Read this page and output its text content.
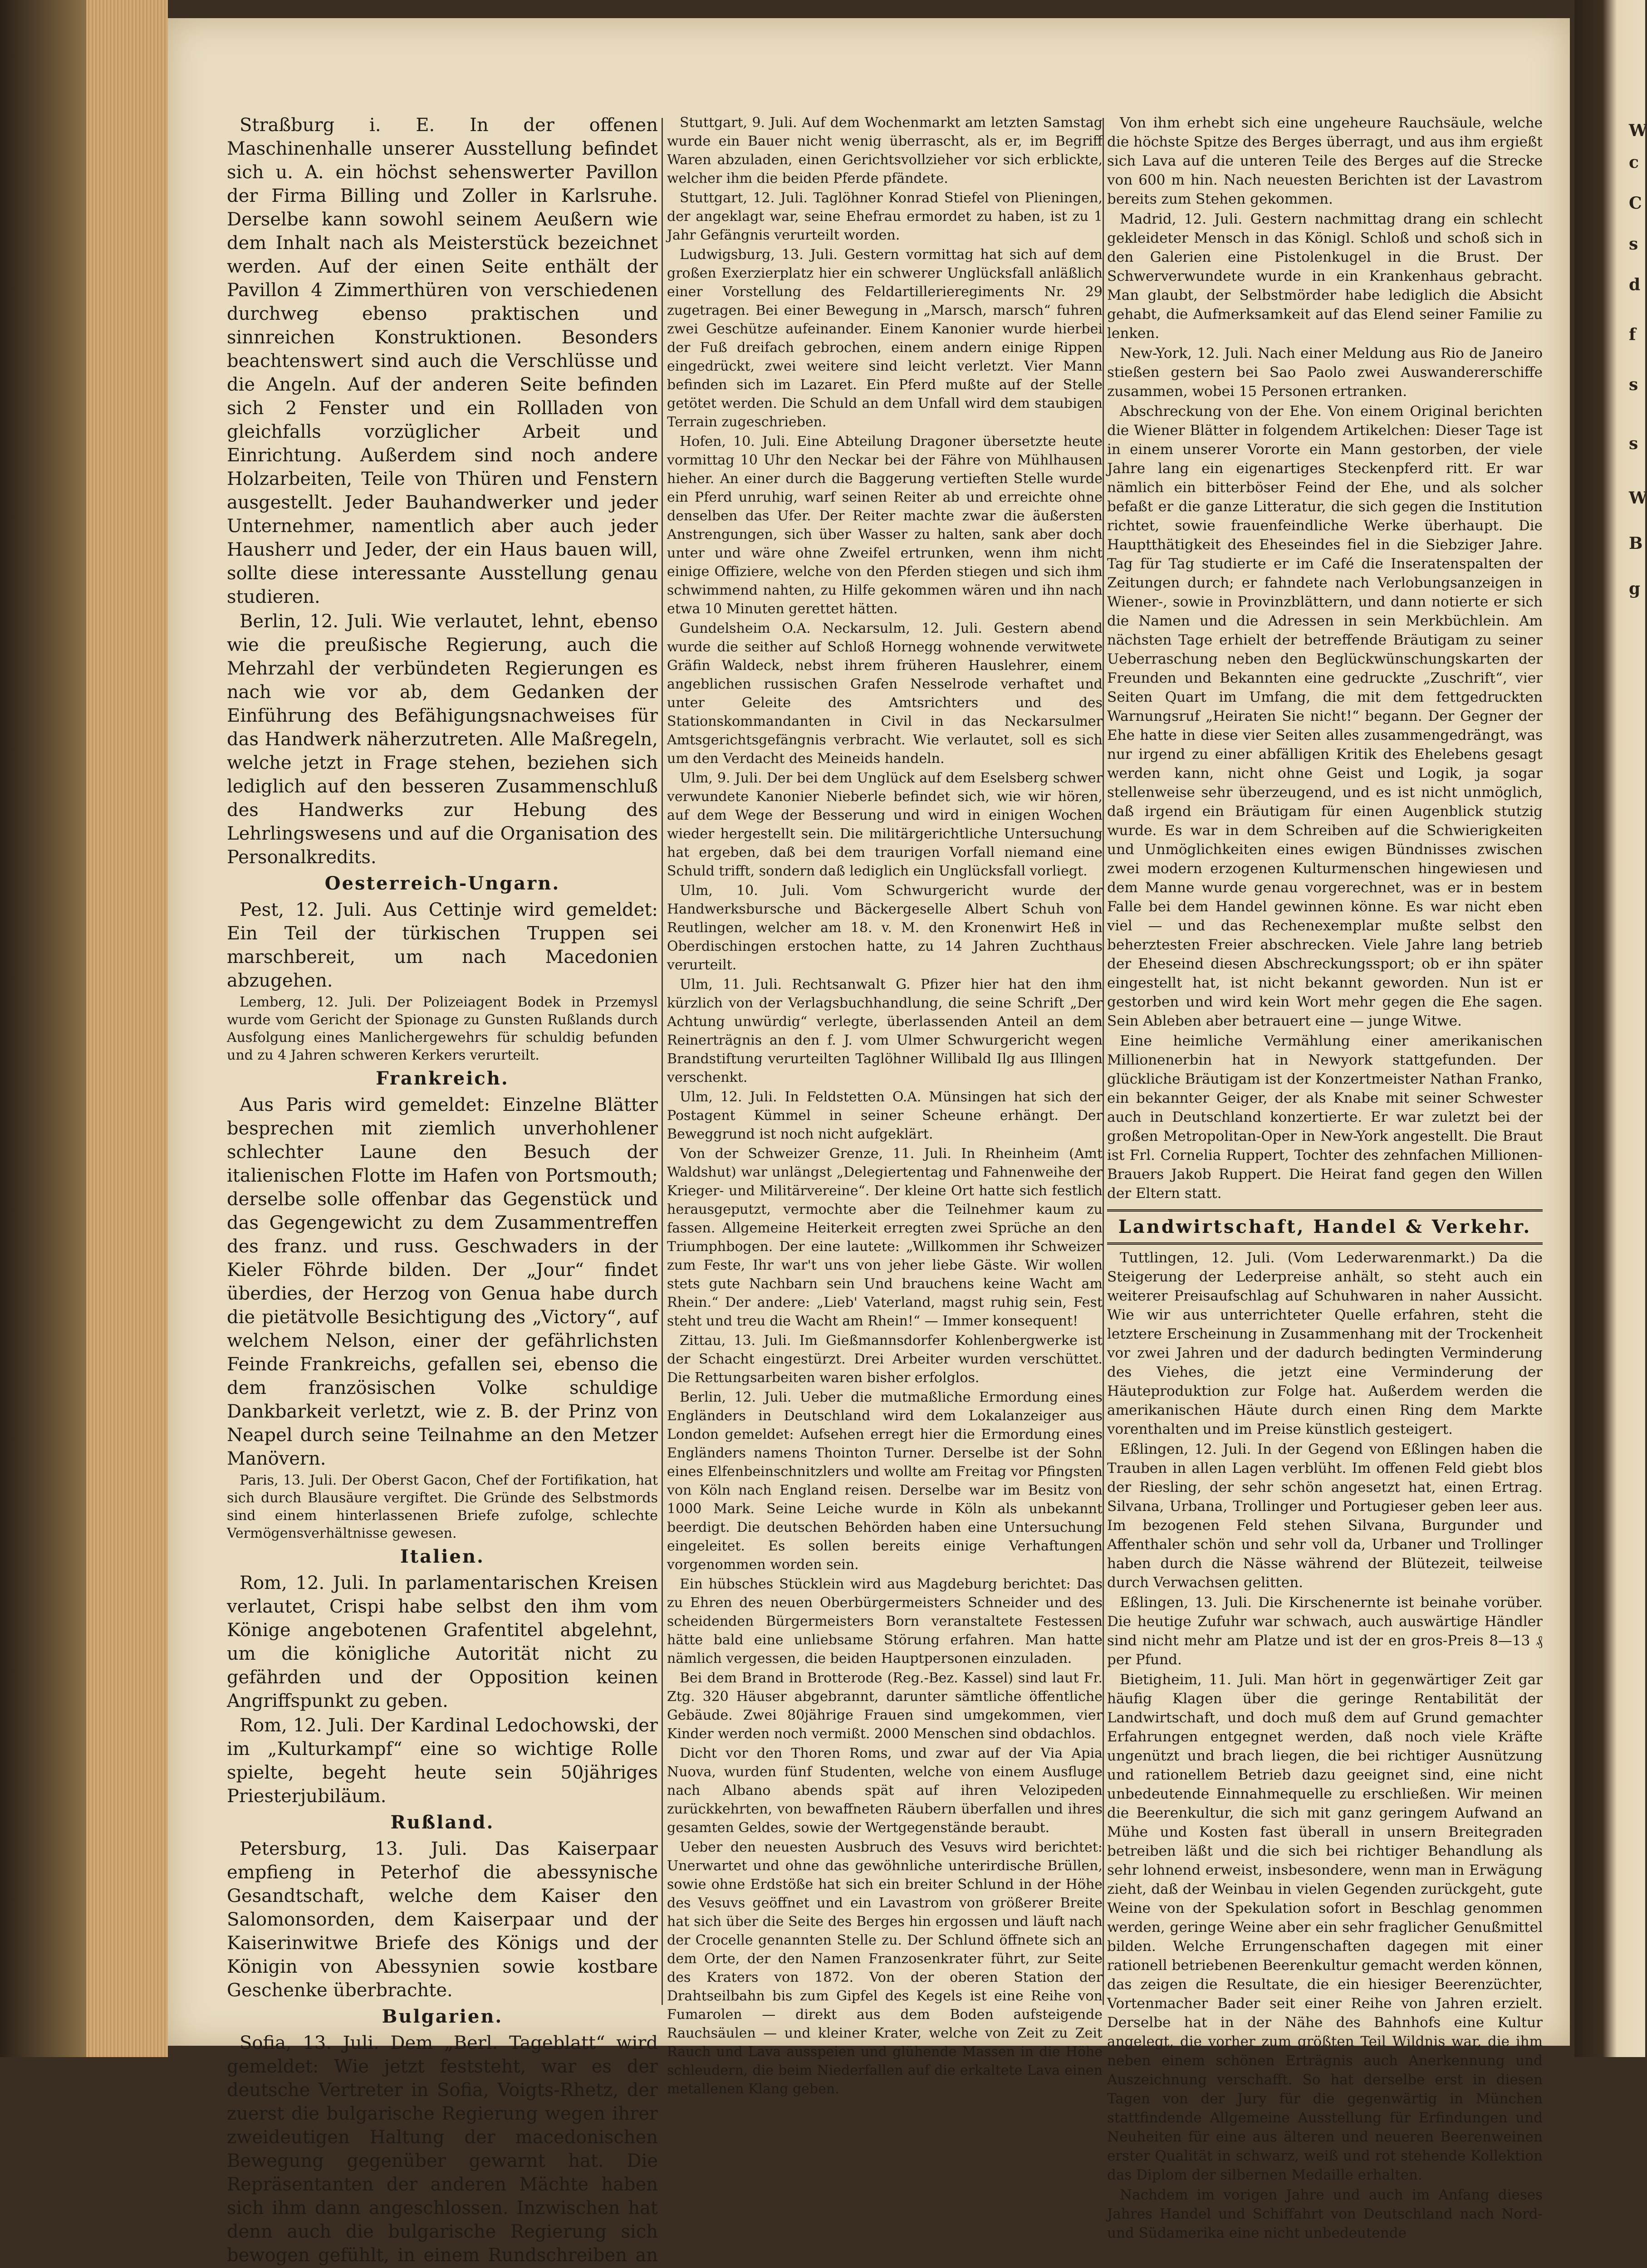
Straßburg i. E. In der offenen Maschinenhalle unserer Ausstellung befindet sich u. A. ein höchst sehenswerter Pavillon der Firma Billing und Zoller in Karlsruhe. Derselbe kann sowohl seinem Aeußern wie dem Inhalt nach als Meisterstück bezeichnet werden. Auf der einen Seite enthält der Pavillon 4 Zimmerthüren von verschiedenen durchweg ebenso praktischen und sinnreichen Konstruktionen. Besonders beachtenswert sind auch die Verschlüsse und die Angeln. Auf der anderen Seite befinden sich 2 Fenster und ein Rollladen von gleichfalls vorzüglicher Arbeit und Einrichtung. Außerdem sind noch andere Holzarbeiten, Teile von Thüren und Fenstern ausgestellt. Jeder Bauhandwerker und jeder Unternehmer, namentlich aber auch jeder Hausherr und Jeder, der ein Haus bauen will, sollte diese interessante Ausstellung genau studieren.

Berlin, 12. Juli. Wie verlautet, lehnt, ebenso wie die preußische Regierung, auch die Mehrzahl der verbündeten Regierungen es nach wie vor ab, dem Gedanken der Einführung des Befähigungsnachweises für das Handwerk näherzutreten. Alle Maßregeln, welche jetzt in Frage stehen, beziehen sich lediglich auf den besseren Zusammenschluß des Handwerks zur Hebung des Lehrlingswesens und auf die Organisation des Personalkredits.

Oesterreich-Ungarn.

Pest, 12. Juli. Aus Cettinje wird gemeldet: Ein Teil der türkischen Truppen sei marschbereit, um nach Macedonien abzugehen.

Lemberg, 12. Juli. Der Polizeiagent Bodek in Przemysl wurde vom Gericht der Spionage zu Gunsten Rußlands durch Ausfolgung eines Manlichergewehrs für schuldig befunden und zu 4 Jahren schweren Kerkers verurteilt.

Frankreich.

Aus Paris wird gemeldet: Einzelne Blätter besprechen mit ziemlich unverhohlener schlechter Laune den Besuch der italienischen Flotte im Hafen von Portsmouth; derselbe solle offenbar das Gegenstück und das Gegengewicht zu dem Zusammentreffen des franz. und russ. Geschwaders in der Kieler Föhrde bilden. Der „Jour“ findet überdies, der Herzog von Genua habe durch die pietätvolle Besichtigung des „Victory“, auf welchem Nelson, einer der gefährlichsten Feinde Frankreichs, gefallen sei, ebenso die dem französischen Volke schuldige Dankbarkeit verletzt, wie z. B. der Prinz von Neapel durch seine Teilnahme an den Metzer Manövern.

Paris, 13. Juli. Der Oberst Gacon, Chef der Fortifikation, hat sich durch Blausäure vergiftet. Die Gründe des Selbstmords sind einem hinterlassenen Briefe zufolge, schlechte Vermögensverhältnisse gewesen.

Italien.

Rom, 12. Juli. In parlamentarischen Kreisen verlautet, Crispi habe selbst den ihm vom Könige angebotenen Grafentitel abgelehnt, um die königliche Autorität nicht zu gefährden und der Opposition keinen Angriffspunkt zu geben.

Rom, 12. Juli. Der Kardinal Ledochowski, der im „Kulturkampf“ eine so wichtige Rolle spielte, begeht heute sein 50jähriges Priesterjubiläum.

Rußland.

Petersburg, 13. Juli. Das Kaiserpaar empfieng in Peterhof die abessynische Gesandtschaft, welche dem Kaiser den Salomonsorden, dem Kaiserpaar und der Kaiserinwitwe Briefe des Königs und der Königin von Abessynien sowie kostbare Geschenke überbrachte.

Bulgarien.

Sofia, 13. Juli. Dem „Berl. Tageblatt“ wird gemeldet: Wie jetzt feststeht, war es der deutsche Vertreter in Sofia, Voigts-Rhetz, der zuerst die bulgarische Regierung wegen ihrer zweideutigen Haltung der macedonischen Bewegung gegenüber gewarnt hat. Die Repräsentanten der anderen Mächte haben sich ihm dann angeschlossen. Inzwischen hat denn auch die bulgarische Regierung sich bewogen gefühlt, in einem Rundschreiben an

Stuttgart, 9. Juli. Auf dem Wochenmarkt am letzten Samstag wurde ein Bauer nicht wenig überrascht, als er, im Begriff Waren abzuladen, einen Gerichtsvollzieher vor sich erblickte, welcher ihm die beiden Pferde pfändete.

Stuttgart, 12. Juli. Taglöhner Konrad Stiefel von Plieningen, der angeklagt war, seine Ehefrau ermordet zu haben, ist zu 1 Jahr Gefängnis verurteilt worden.

Ludwigsburg, 13. Juli. Gestern vormittag hat sich auf dem großen Exerzierplatz hier ein schwerer Unglücksfall anläßlich einer Vorstellung des Feldartillerieregiments Nr. 29 zugetragen. Bei einer Bewegung in „Marsch, marsch“ fuhren zwei Geschütze aufeinander. Einem Kanonier wurde hierbei der Fuß dreifach gebrochen, einem andern einige Rippen eingedrückt, zwei weitere sind leicht verletzt. Vier Mann befinden sich im Lazaret. Ein Pferd mußte auf der Stelle getötet werden. Die Schuld an dem Unfall wird dem staubigen Terrain zugeschrieben.

Hofen, 10. Juli. Eine Abteilung Dragoner übersetzte heute vormittag 10 Uhr den Neckar bei der Fähre von Mühlhausen hieher. An einer durch die Baggerung vertieften Stelle wurde ein Pferd unruhig, warf seinen Reiter ab und erreichte ohne denselben das Ufer. Der Reiter machte zwar die äußersten Anstrengungen, sich über Wasser zu halten, sank aber doch unter und wäre ohne Zweifel ertrunken, wenn ihm nicht einige Offiziere, welche von den Pferden stiegen und sich ihm schwimmend nahten, zu Hilfe gekommen wären und ihn nach etwa 10 Minuten gerettet hätten.

Gundelsheim O.A. Neckarsulm, 12. Juli. Gestern abend wurde die seither auf Schloß Hornegg wohnende verwitwete Gräfin Waldeck, nebst ihrem früheren Hauslehrer, einem angeblichen russischen Grafen Nesselrode verhaftet und unter Geleite des Amtsrichters und des Stationskommandanten in Civil in das Neckarsulmer Amtsgerichtsgefängnis verbracht. Wie verlautet, soll es sich um den Verdacht des Meineids handeln.

Ulm, 9. Juli. Der bei dem Unglück auf dem Eselsberg schwer verwundete Kanonier Nieberle befindet sich, wie wir hören, auf dem Wege der Besserung und wird in einigen Wochen wieder hergestellt sein. Die militärgerichtliche Untersuchung hat ergeben, daß bei dem traurigen Vorfall niemand eine Schuld trifft, sondern daß lediglich ein Unglücksfall vorliegt.

Ulm, 10. Juli. Vom Schwurgericht wurde der Handwerksbursche und Bäckergeselle Albert Schuh von Reutlingen, welcher am 18. v. M. den Kronenwirt Heß in Oberdischingen erstochen hatte, zu 14 Jahren Zuchthaus verurteilt.

Ulm, 11. Juli. Rechtsanwalt G. Pfizer hier hat den ihm kürzlich von der Verlagsbuchhandlung, die seine Schrift „Der Achtung unwürdig“ verlegte, überlassenden Anteil an dem Reinerträgnis an den f. J. vom Ulmer Schwurgericht wegen Brandstiftung verurteilten Taglöhner Willibald Ilg aus Illingen verschenkt.

Ulm, 12. Juli. In Feldstetten O.A. Münsingen hat sich der Postagent Kümmel in seiner Scheune erhängt. Der Beweggrund ist noch nicht aufgeklärt.

Von der Schweizer Grenze, 11. Juli. In Rheinheim (Amt Waldshut) war unlängst „Delegiertentag und Fahnenweihe der Krieger- und Militärvereine“. Der kleine Ort hatte sich festlich herausgeputzt, vermochte aber die Teilnehmer kaum zu fassen. Allgemeine Heiterkeit erregten zwei Sprüche an den Triumphbogen. Der eine lautete: „Willkommen ihr Schweizer zum Feste, Ihr war't uns von jeher liebe Gäste. Wir wollen stets gute Nachbarn sein Und brauchens keine Wacht am Rhein.“ Der andere: „Lieb' Vaterland, magst ruhig sein, Fest steht und treu die Wacht am Rhein!“ — Immer konsequent!

Zittau, 13. Juli. Im Gießmannsdorfer Kohlenbergwerke ist der Schacht eingestürzt. Drei Arbeiter wurden verschüttet. Die Rettungsarbeiten waren bisher erfolglos.

Berlin, 12. Juli. Ueber die mutmaßliche Ermordung eines Engländers in Deutschland wird dem Lokalanzeiger aus London gemeldet: Aufsehen erregt hier die Ermordung eines Engländers namens Thointon Turner. Derselbe ist der Sohn eines Elfenbeinschnitzlers und wollte am Freitag vor Pfingsten von Köln nach England reisen. Derselbe war im Besitz von 1000 Mark. Seine Leiche wurde in Köln als unbekannt beerdigt. Die deutschen Behörden haben eine Untersuchung eingeleitet. Es sollen bereits einige Verhaftungen vorgenommen worden sein.

Ein hübsches Stücklein wird aus Magdeburg berichtet: Das zu Ehren des neuen Oberbürgermeisters Schneider und des scheidenden Bürgermeisters Born veranstaltete Festessen hätte bald eine unliebsame Störung erfahren. Man hatte nämlich vergessen, die beiden Hauptpersonen einzuladen.

Bei dem Brand in Brotterode (Reg.-Bez. Kassel) sind laut Fr. Ztg. 320 Häuser abgebrannt, darunter sämtliche öffentliche Gebäude. Zwei 80jährige Frauen sind umgekommen, vier Kinder werden noch vermißt. 2000 Menschen sind obdachlos.

Dicht vor den Thoren Roms, und zwar auf der Via Apia Nuova, wurden fünf Studenten, welche von einem Ausfluge nach Albano abends spät auf ihren Velozipeden zurückkehrten, von bewaffneten Räubern überfallen und ihres gesamten Geldes, sowie der Wertgegenstände beraubt.

Ueber den neuesten Ausbruch des Vesuvs wird berichtet: Unerwartet und ohne das gewöhnliche unterirdische Brüllen, sowie ohne Erdstöße hat sich ein breiter Schlund in der Höhe des Vesuvs geöffnet und ein Lavastrom von größerer Breite hat sich über die Seite des Berges hin ergossen und läuft nach der Crocelle genannten Stelle zu. Der Schlund öffnete sich an dem Orte, der den Namen Franzosenkrater führt, zur Seite des Kraters von 1872. Von der oberen Station der Drahtseilbahn bis zum Gipfel des Kegels ist eine Reihe von Fumarolen — direkt aus dem Boden aufsteigende Rauchsäulen — und kleiner Krater, welche von Zeit zu Zeit Rauch und Lava ausspeien und glühende Massen in die Höhe schleudern, die beim Niederfallen auf die erkaltete Lava einen metallenen Klang geben.

Von ihm erhebt sich eine ungeheure Rauchsäule, welche die höchste Spitze des Berges überragt, und aus ihm ergießt sich Lava auf die unteren Teile des Berges auf die Strecke von 600 m hin. Nach neuesten Berichten ist der Lavastrom bereits zum Stehen gekommen.

Madrid, 12. Juli. Gestern nachmittag drang ein schlecht gekleideter Mensch in das Königl. Schloß und schoß sich in den Galerien eine Pistolenkugel in die Brust. Der Schwerverwundete wurde in ein Krankenhaus gebracht. Man glaubt, der Selbstmörder habe lediglich die Absicht gehabt, die Aufmerksamkeit auf das Elend seiner Familie zu lenken.

New-York, 12. Juli. Nach einer Meldung aus Rio de Janeiro stießen gestern bei Sao Paolo zwei Auswandererschiffe zusammen, wobei 15 Personen ertranken.

Abschreckung von der Ehe. Von einem Original berichten die Wiener Blätter in folgendem Artikelchen: Dieser Tage ist in einem unserer Vororte ein Mann gestorben, der viele Jahre lang ein eigenartiges Steckenpferd ritt. Er war nämlich ein bitterböser Feind der Ehe, und als solcher befaßt er die ganze Litteratur, die sich gegen die Institution richtet, sowie frauenfeindliche Werke überhaupt. Die Hauptthätigkeit des Eheseindes fiel in die Siebziger Jahre. Tag für Tag studierte er im Café die Inseratenspalten der Zeitungen durch; er fahndete nach Verlobungsanzeigen in Wiener-, sowie in Provinzblättern, und dann notierte er sich die Namen und die Adressen in sein Merkbüchlein. Am nächsten Tage erhielt der betreffende Bräutigam zu seiner Ueberraschung neben den Beglückwünschungskarten der Freunden und Bekannten eine gedruckte „Zuschrift“, vier Seiten Quart im Umfang, die mit dem fettgedruckten Warnungsruf „Heiraten Sie nicht!“ begann. Der Gegner der Ehe hatte in diese vier Seiten alles zusammengedrängt, was nur irgend zu einer abfälligen Kritik des Ehelebens gesagt werden kann, nicht ohne Geist und Logik, ja sogar stellenweise sehr überzeugend, und es ist nicht unmöglich, daß irgend ein Bräutigam für einen Augenblick stutzig wurde. Es war in dem Schreiben auf die Schwierigkeiten und Unmöglichkeiten eines ewigen Bündnisses zwischen zwei modern erzogenen Kulturmenschen hingewiesen und dem Manne wurde genau vorgerechnet, was er in bestem Falle bei dem Handel gewinnen könne. Es war nicht eben viel — und das Rechenexemplar mußte selbst den beherztesten Freier abschrecken. Viele Jahre lang betrieb der Eheseind diesen Abschreckungssport; ob er ihn später eingestellt hat, ist nicht bekannt geworden. Nun ist er gestorben und wird kein Wort mehr gegen die Ehe sagen. Sein Ableben aber betrauert eine — junge Witwe.

Eine heimliche Vermählung einer amerikanischen Millionenerbin hat in Newyork stattgefunden. Der glückliche Bräutigam ist der Konzertmeister Nathan Franko, ein bekannter Geiger, der als Knabe mit seiner Schwester auch in Deutschland konzertierte. Er war zuletzt bei der großen Metropolitan-Oper in New-York angestellt. Die Braut ist Frl. Cornelia Ruppert, Tochter des zehnfachen Millionen-Brauers Jakob Ruppert. Die Heirat fand gegen den Willen der Eltern statt.

Landwirtschaft, Handel & Verkehr.

Tuttlingen, 12. Juli. (Vom Lederwarenmarkt.) Da die Steigerung der Lederpreise anhält, so steht auch ein weiterer Preisaufschlag auf Schuhwaren in naher Aussicht. Wie wir aus unterrichteter Quelle erfahren, steht die letztere Erscheinung in Zusammenhang mit der Trockenheit vor zwei Jahren und der dadurch bedingten Verminderung des Viehes, die jetzt eine Verminderung der Häuteproduktion zur Folge hat. Außerdem werden die amerikanischen Häute durch einen Ring dem Markte vorenthalten und im Preise künstlich gesteigert.

Eßlingen, 12. Juli. In der Gegend von Eßlingen haben die Trauben in allen Lagen verblüht. Im offenen Feld giebt blos der Riesling, der sehr schön angesetzt hat, einen Ertrag. Silvana, Urbana, Trollinger und Portugieser geben leer aus. Im bezogenen Feld stehen Silvana, Burgunder und Affenthaler schön und sehr voll da, Urbaner und Trollinger haben durch die Nässe während der Blütezeit, teilweise durch Verwachsen gelitten.

Eßlingen, 13. Juli. Die Kirschenernte ist beinahe vorüber. Die heutige Zufuhr war schwach, auch auswärtige Händler sind nicht mehr am Platze und ist der en gros-Preis 8—13 ₰ per Pfund.

Bietigheim, 11. Juli. Man hört in gegenwärtiger Zeit gar häufig Klagen über die geringe Rentabilität der Landwirtschaft, und doch muß dem auf Grund gemachter Erfahrungen entgegnet werden, daß noch viele Kräfte ungenützt und brach liegen, die bei richtiger Ausnützung und rationellem Betrieb dazu geeignet sind, eine nicht unbedeutende Einnahmequelle zu erschließen. Wir meinen die Beerenkultur, die sich mit ganz geringem Aufwand an Mühe und Kosten fast überall in unsern Breitegraden betreiben läßt und die sich bei richtiger Behandlung als sehr lohnend erweist, insbesondere, wenn man in Erwägung zieht, daß der Weinbau in vielen Gegenden zurückgeht, gute Weine von der Spekulation sofort in Beschlag genommen werden, geringe Weine aber ein sehr fraglicher Genußmittel bilden. Welche Errungenschaften dagegen mit einer rationell betriebenen Beerenkultur gemacht werden können, das zeigen die Resultate, die ein hiesiger Beerenzüchter, Vortenmacher Bader seit einer Reihe von Jahren erzielt. Derselbe hat in der Nähe des Bahnhofs eine Kultur angelegt, die vorher zum größten Teil Wildnis war, die ihm neben einem schönen Erträgnis auch Anerkennung und Auszeichnung verschafft. So hat derselbe erst in diesen Tagen von der Jury für die gegenwärtig in München stattfindende Allgemeine Ausstellung für Erfindungen und Neuheiten für eine aus älteren und neueren Beerenweinen erster Qualität in schwarz, weiß und rot stehende Kollektion das Diplom der silbernen Medaille erhalten.

Nachdem im vorigen Jahre und auch im Anfang dieses Jahres Handel und Schiffahrt von Deutschland nach Nord- und Südamerika eine nicht unbedeutende

W
c
C
s
d
f
s
s
W
B
g
